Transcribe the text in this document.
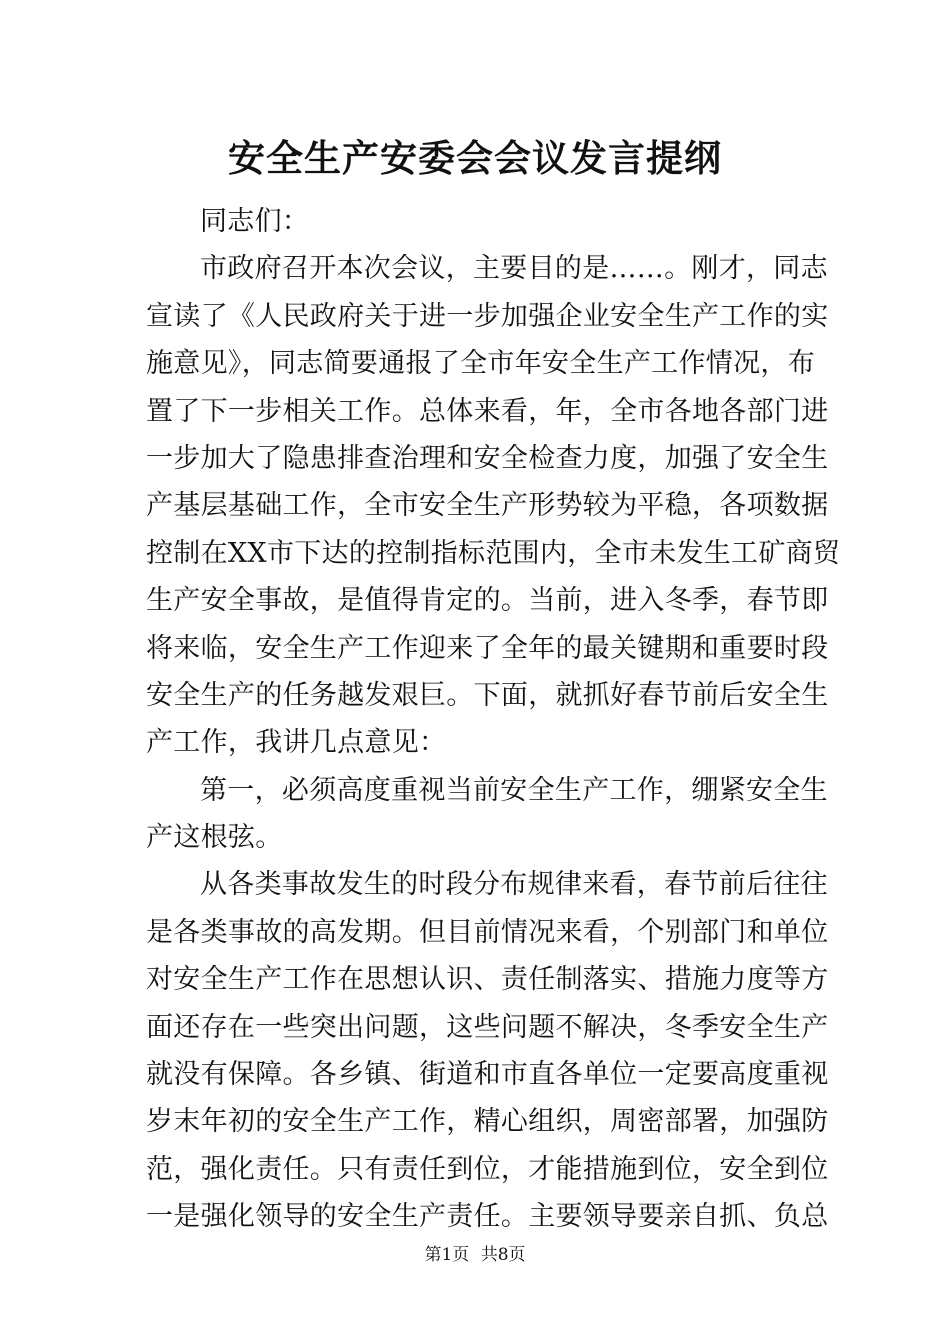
安全生产安委会会议发言提纲
同志们：
市政府召开本次会议，主要目的是……。刚才，同志
宣读了《人民政府关于进一步加强企业安全生产工作的实
施意见》，同志简要通报了全市年安全生产工作情况，布
置了下一步相关工作。总体来看，年，全市各地各部门进
一步加大了隐患排查治理和安全检查力度，加强了安全生
产基层基础工作，全市安全生产形势较为平稳，各项数据
控制在XX市下达的控制指标范围内，全市未发生工矿商贸
生产安全事故，是值得肯定的。当前，进入冬季，春节即
将来临，安全生产工作迎来了全年的最关键期和重要时段
安全生产的任务越发艰巨。下面，就抓好春节前后安全生
产工作，我讲几点意见：
第一，必须高度重视当前安全生产工作，绷紧安全生
产这根弦。
从各类事故发生的时段分布规律来看，春节前后往往
是各类事故的高发期。但目前情况来看，个别部门和单位
对安全生产工作在思想认识、责任制落实、措施力度等方
面还存在一些突出问题，这些问题不解决，冬季安全生产
就没有保障。各乡镇、街道和市直各单位一定要高度重视
岁末年初的安全生产工作，精心组织，周密部署，加强防
范，强化责任。只有责任到位，才能措施到位，安全到位
一是强化领导的安全生产责任。主要领导要亲自抓、负总
第1页 共8页
